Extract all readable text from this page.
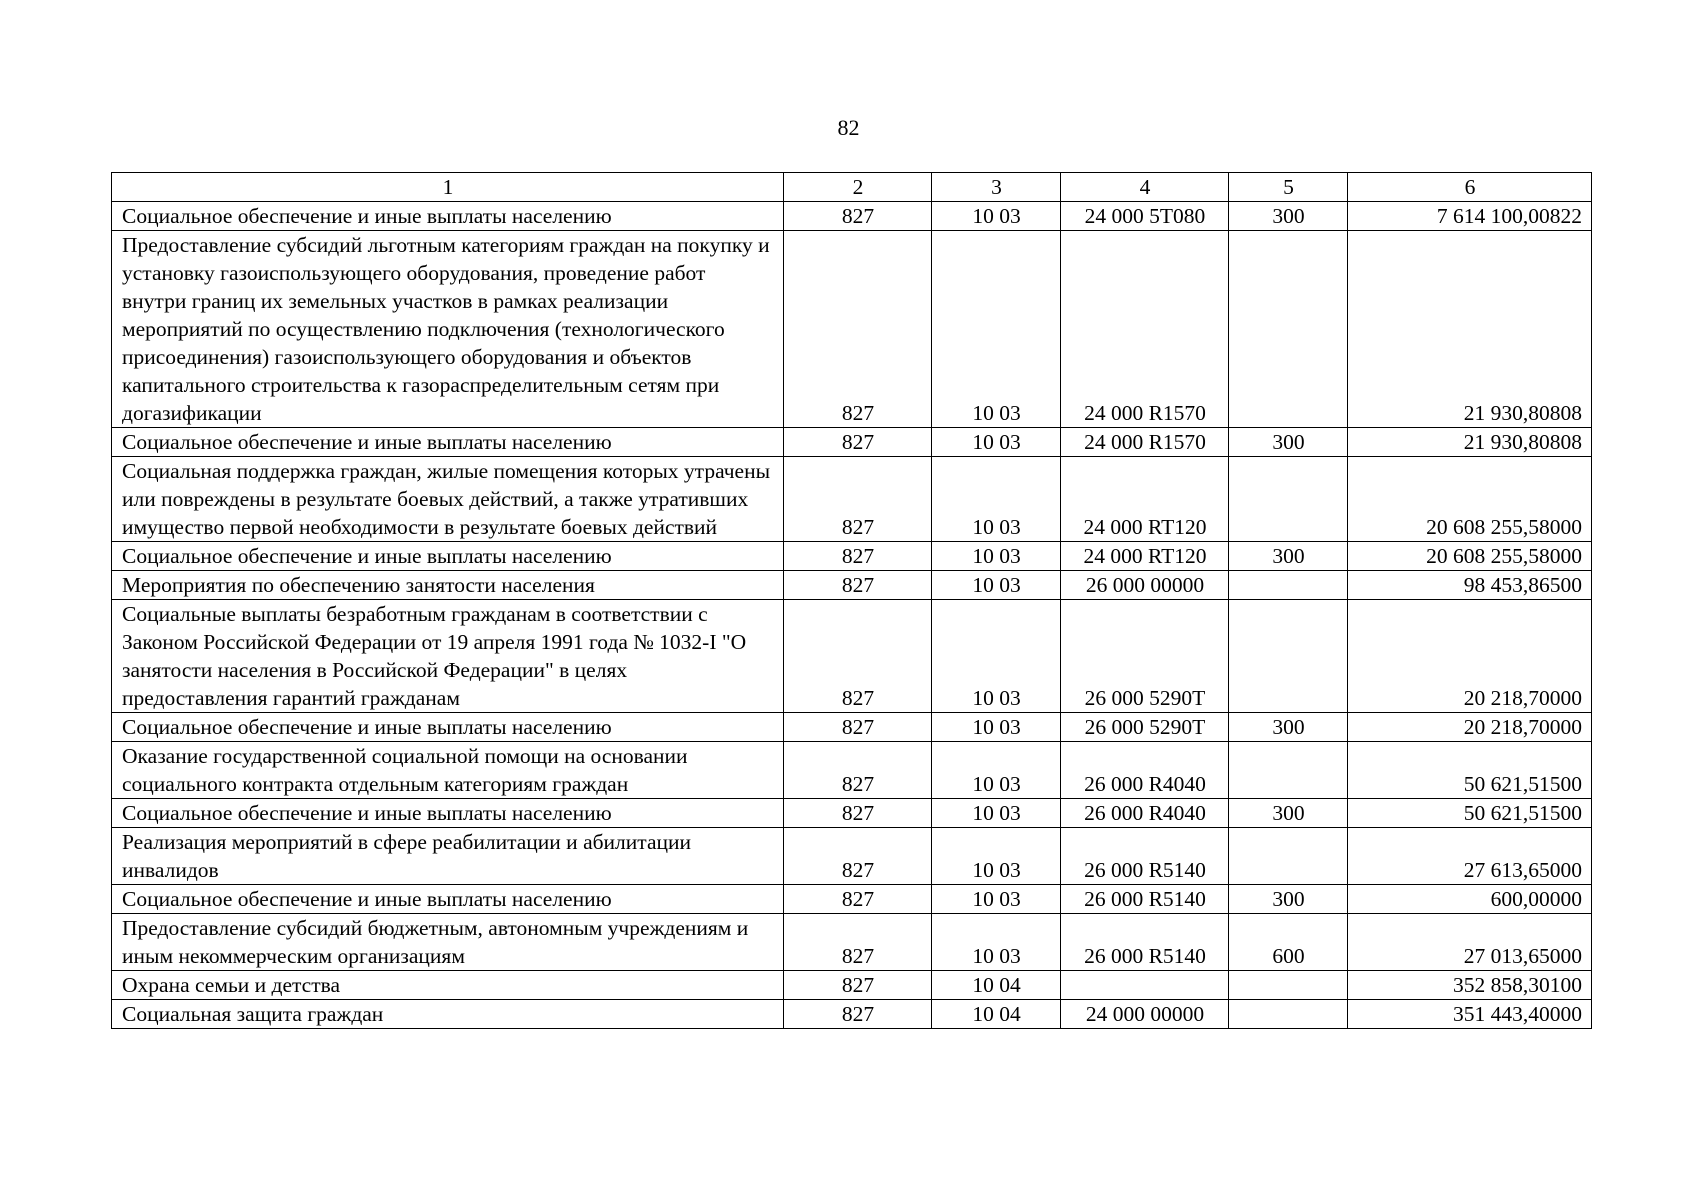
82
1	2	3	4	5	6
Социальное обеспечение и иные выплаты населению	827	10 03	24 000 5Т080	300	7 614 100,00822
Предоставление субсидий льготным категориям граждан на покупку и установку газоиспользующего оборудования, проведение работ внутри границ их земельных участков в рамках реализации мероприятий по осуществлению подключения (технологического присоединения) газоиспользующего оборудования и объектов капитального строительства к газораспределительным сетям при догазификации	827	10 03	24 000 R1570		21 930,80808
Социальное обеспечение и иные выплаты населению	827	10 03	24 000 R1570	300	21 930,80808
Социальная поддержка граждан, жилые помещения которых утрачены или повреждены в результате боевых действий, а также утративших имущество первой необходимости в результате боевых действий	827	10 03	24 000 RT120		20 608 255,58000
Социальное обеспечение и иные выплаты населению	827	10 03	24 000 RT120	300	20 608 255,58000
Мероприятия по обеспечению занятости населения	827	10 03	26 000 00000		98 453,86500
Социальные выплаты безработным гражданам в соответствии с Законом Российской Федерации от 19 апреля 1991 года № 1032-I "О занятости населения в Российской Федерации" в целях предоставления гарантий гражданам	827	10 03	26 000 5290Т		20 218,70000
Социальное обеспечение и иные выплаты населению	827	10 03	26 000 5290Т	300	20 218,70000
Оказание государственной социальной помощи на основании социального контракта отдельным категориям граждан	827	10 03	26 000 R4040		50 621,51500
Социальное обеспечение и иные выплаты населению	827	10 03	26 000 R4040	300	50 621,51500
Реализация мероприятий в сфере реабилитации и абилитации инвалидов	827	10 03	26 000 R5140		27 613,65000
Социальное обеспечение и иные выплаты населению	827	10 03	26 000 R5140	300	600,00000
Предоставление субсидий бюджетным, автономным учреждениям и иным некоммерческим организациям	827	10 03	26 000 R5140	600	27 013,65000
Охрана семьи и детства	827	10 04			352 858,30100
Социальная защита граждан	827	10 04	24 000 00000		351 443,40000
